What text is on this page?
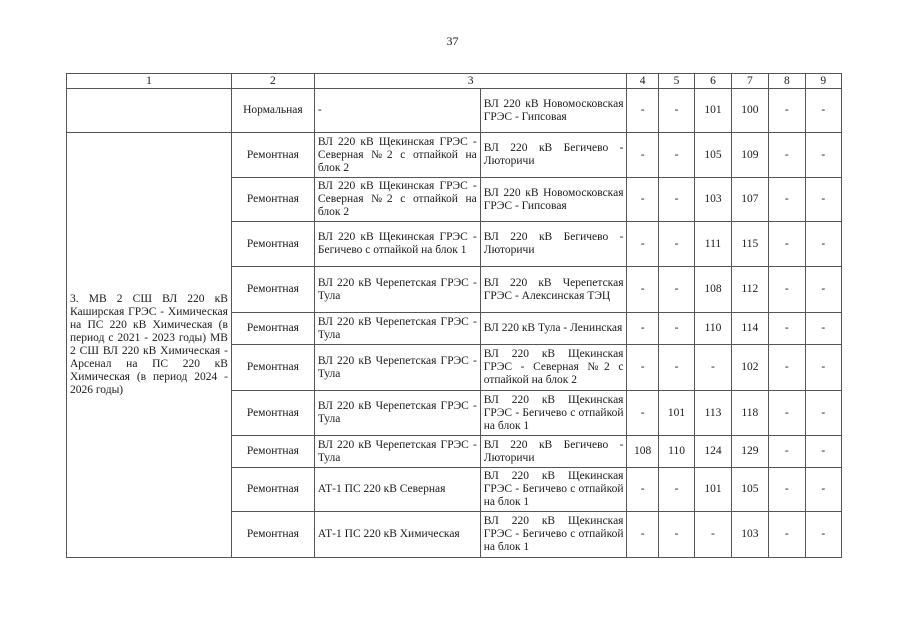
37
1	2	3		4	5	6	7	8	9
	Нормальная	-	ВЛ 220 кВ Новомосковская ГРЭС - Гипсовая	-	-	101	100	-	-
3. МВ 2 СШ ВЛ 220 кВ Каширская ГРЭС - Химическая на ПС 220 кВ Химическая (в период с 2021 - 2023 годы) МВ 2 СШ ВЛ 220 кВ Химическая - Арсенал на ПС 220 кВ Химическая (в период 2024 - 2026 годы)	Ремонтная	ВЛ 220 кВ Щекинская ГРЭС - Северная №2 с отпайкой на блок 2	ВЛ 220 кВ Бегичево - Лютоpичи	-	-	105	109	-	-
	Ремонтная	ВЛ 220 кВ Щекинская ГРЭС - Северная №2 с отпайкой на блок 2	ВЛ 220 кВ Новомосковская ГРЭС - Гипсовая	-	-	103	107	-	-
	Ремонтная	ВЛ 220 кВ Щекинская ГРЭС - Бегичево с отпайкой на блок 1	ВЛ 220 кВ Бегичево - Лютоpичи	-	-	111	115	-	-
	Ремонтная	ВЛ 220 кВ Черепетская ГРЭС - Тула	ВЛ 220 кВ Черепетская ГРЭС - Алексинская ТЭЦ	-	-	108	112	-	-
	Ремонтная	ВЛ 220 кВ Черепетская ГРЭС - Тула	ВЛ 220 кВ Тула - Ленинская	-	-	110	114	-	-
	Ремонтная	ВЛ 220 кВ Черепетская ГРЭС - Тула	ВЛ 220 кВ Щекинская ГРЭС - Северная №2 с отпайкой на блок 2	-	-	-	102	-	-
	Ремонтная	ВЛ 220 кВ Черепетская ГРЭС - Тула	ВЛ 220 кВ Щекинская ГРЭС - Бегичево с отпайкой на блок 1	-	101	113	118	-	-
	Ремонтная	ВЛ 220 кВ Черепетская ГРЭС - Тула	ВЛ 220 кВ Бегичево - Лютоpичи	108	110	124	129	-	-
	Ремонтная	АТ-1 ПС 220 кВ Северная	ВЛ 220 кВ Щекинская ГРЭС - Бегичево с отпайкой на блок 1	-	-	101	105	-	-
	Ремонтная	АТ-1 ПС 220 кВ Химическая	ВЛ 220 кВ Щекинская ГРЭС - Бегичево с отпайкой на блок 1	-	-	-	103	-	-
